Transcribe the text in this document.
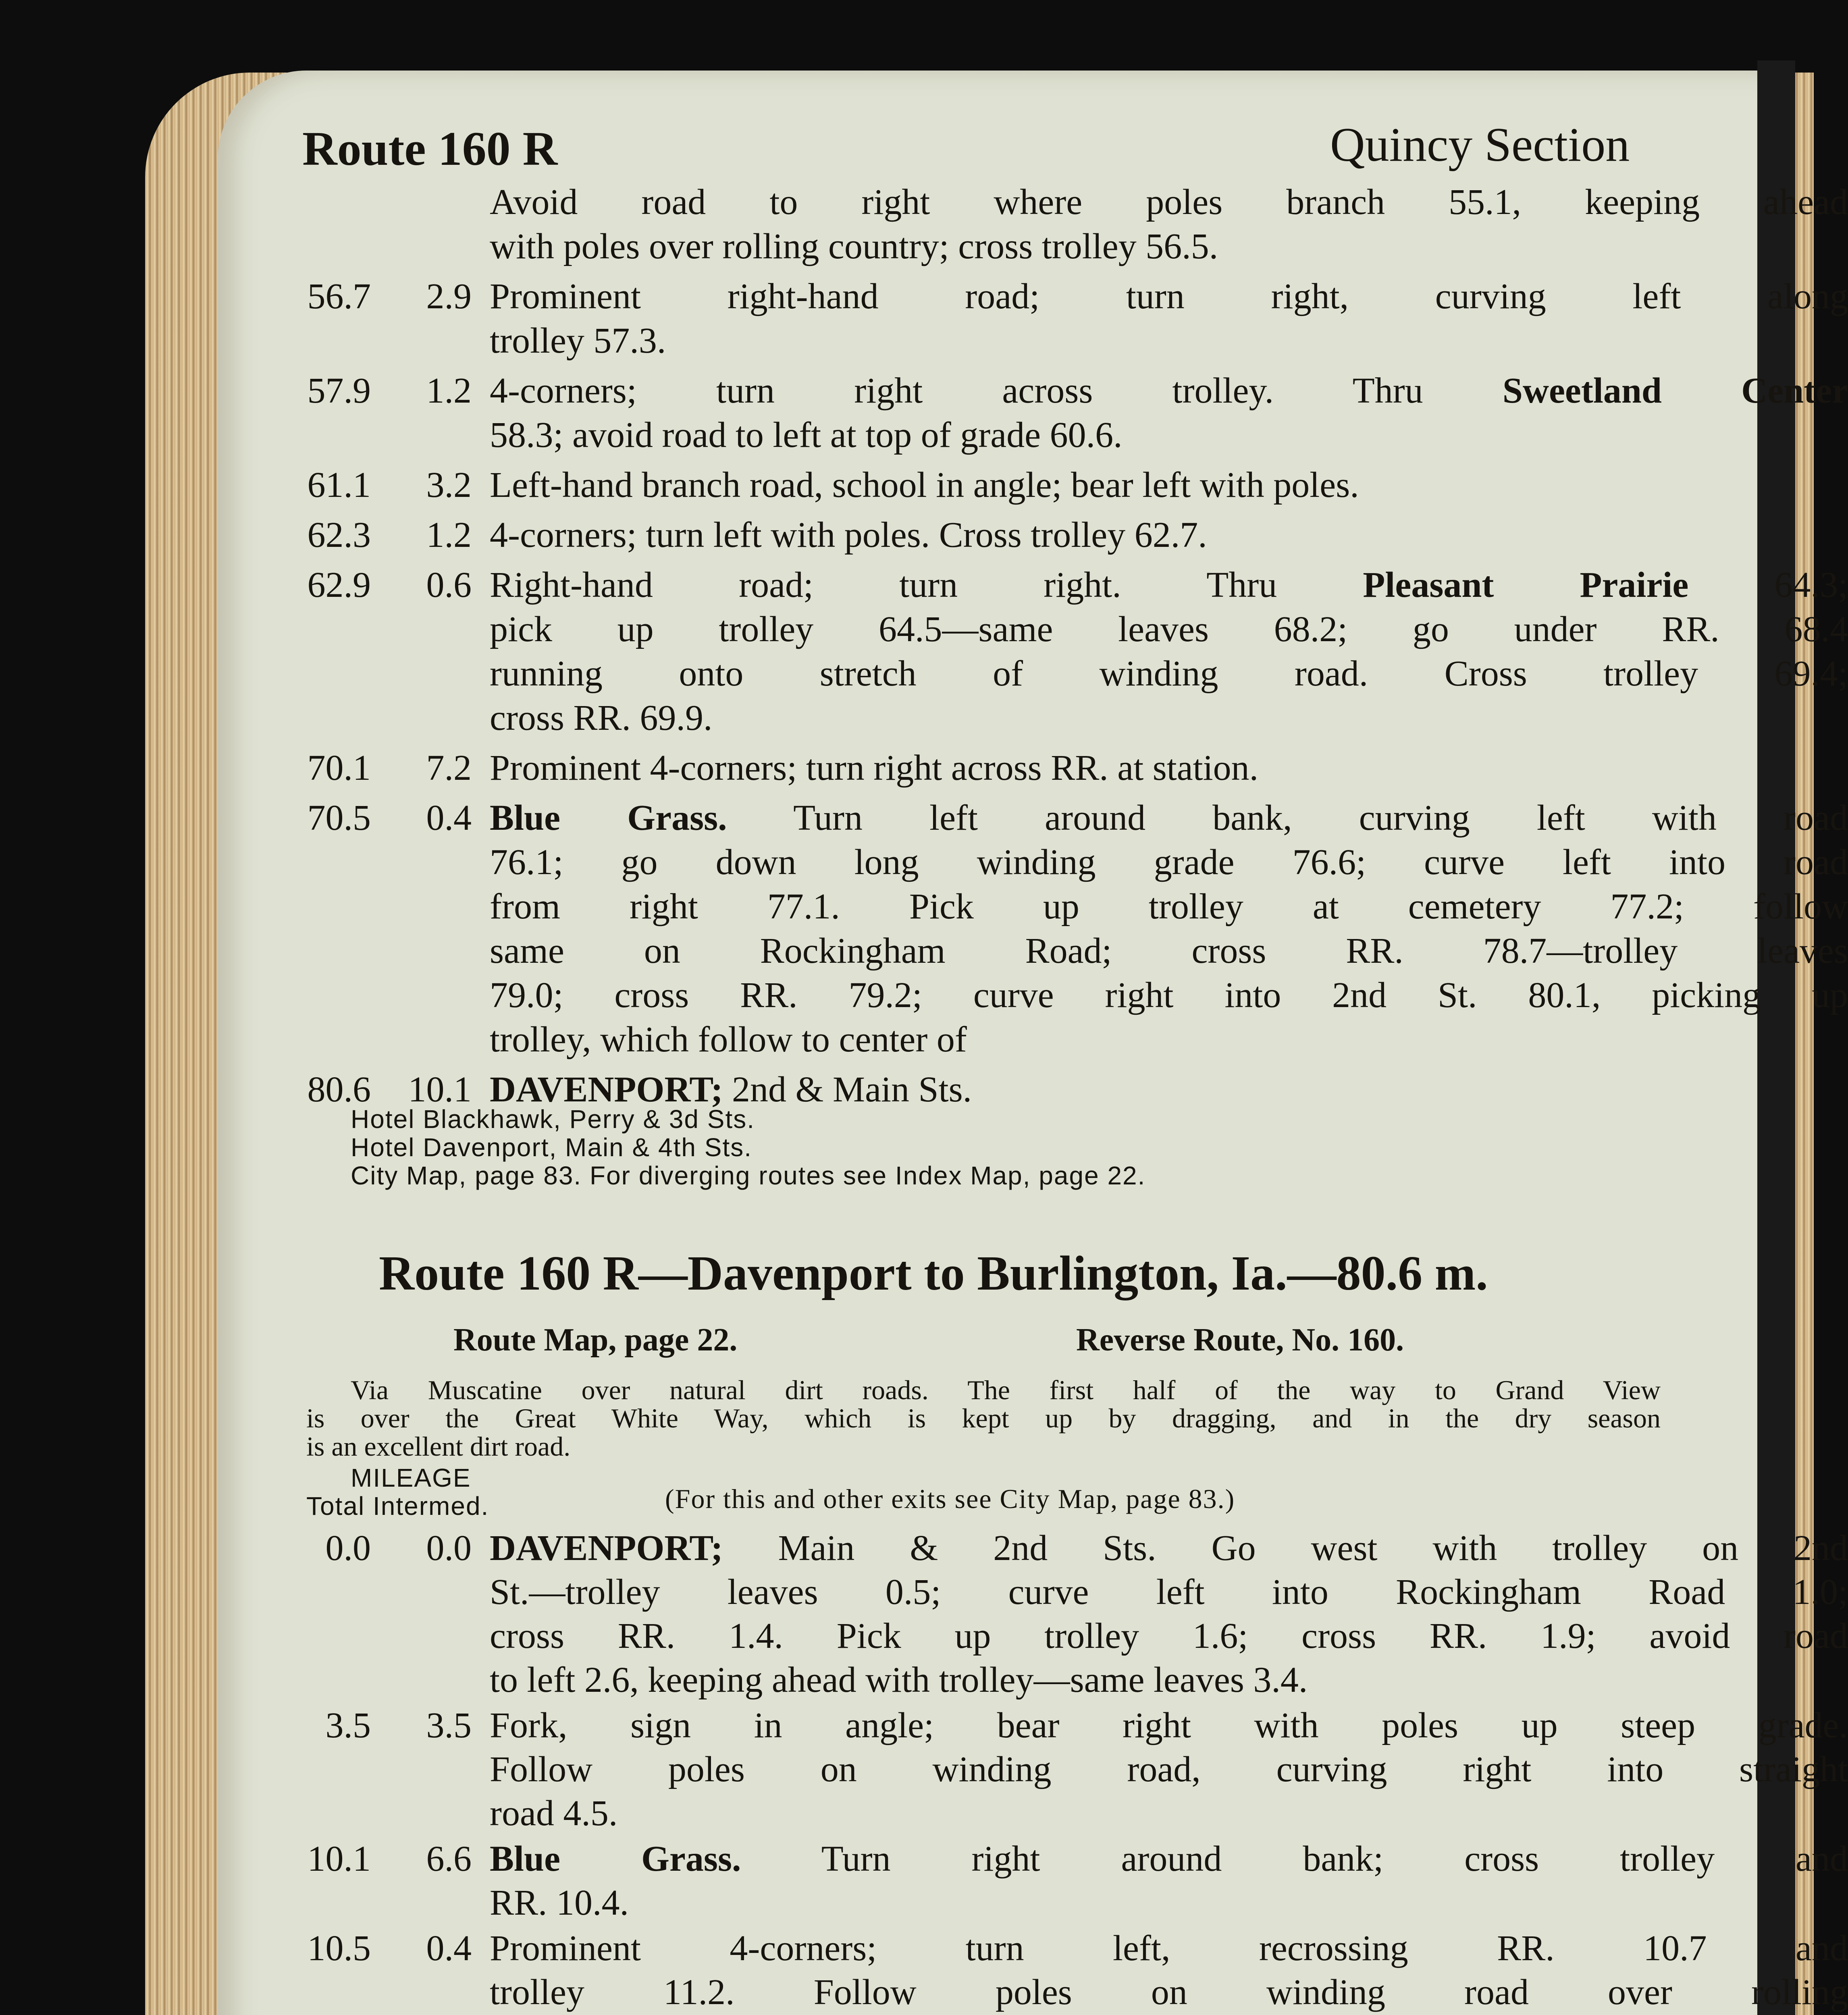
Route 160 R	Quincy Section
Avoid road to right where poles branch 55.1, keeping ahead
with poles over rolling country; cross trolley 56.5.
56.7	2.9 Prominent right-hand road; turn right, curving left along
trolley 57.3.
57.9	1.2 4-corners; turn right across trolley. Thru Sweetland Center
58.3; avoid road to left at top of grade 60.6.
61.1	3.2 Left-hand branch road, school in angle; bear left with poles.
62.3	1.2 4-corners; turn left with poles. Cross trolley 62.7.
62.9	0.6 Right-hand road; turn right. Thru Pleasant Prairie 64.3;
pick up trolley 64.5—same leaves 68.2; go under RR. 68.4
running onto stretch of winding road. Cross trolley 69.4;
cross RR. 69.9.
70.1	7.2 Prominent 4-corners; turn right across RR. at station.
70.5	0.4 Blue Grass. Turn left around bank, curving left with road
76.1; go down long winding grade 76.6; curve left into road
from right 77.1. Pick up trolley at cemetery 77.2; follow
same on Rockingham Road; cross RR. 78.7—trolley leaves
79.0; cross RR. 79.2; curve right into 2nd St. 80.1, picking up
trolley, which follow to center of
80.6	10.1 DAVENPORT; 2nd & Main Sts.
Hotel Blackhawk, Perry & 3d Sts.
Hotel Davenport, Main & 4th Sts.
City Map, page 83. For diverging routes see Index Map, page 22.
0.0	0.0 DAVENPORT; Main & 2nd Sts. Go west with trolley on 2nd
St.—trolley leaves 0.5; curve left into Rockingham Road 1.0;
cross RR. 1.4. Pick up trolley 1.6; cross RR. 1.9; avoid road
to left 2.6, keeping ahead with trolley—same leaves 3.4.
3.5	3.5 Fork, sign in angle; bear right with poles up steep grade.
Follow poles on winding road, curving right into straight
road 4.5.
10.1	6.6 Blue Grass. Turn right around bank; cross trolley and
RR. 10.4.
10.5	0.4 Prominent 4-corners; turn left, recrossing RR. 10.7 and
trolley 11.2. Follow poles on winding road over rolling
Route 160 R—Davenport to Burlington, Ia.—80.6 m.
Route Map, page 22.	Reverse Route, No. 160.
Via Muscatine over natural dirt roads. The first half of the way to Grand View
is over the Great White Way, which is kept up by dragging, and in the dry season
is an excellent dirt road.
MILEAGE
Total Intermed.	(For this and other exits see City Map, page 83.)
